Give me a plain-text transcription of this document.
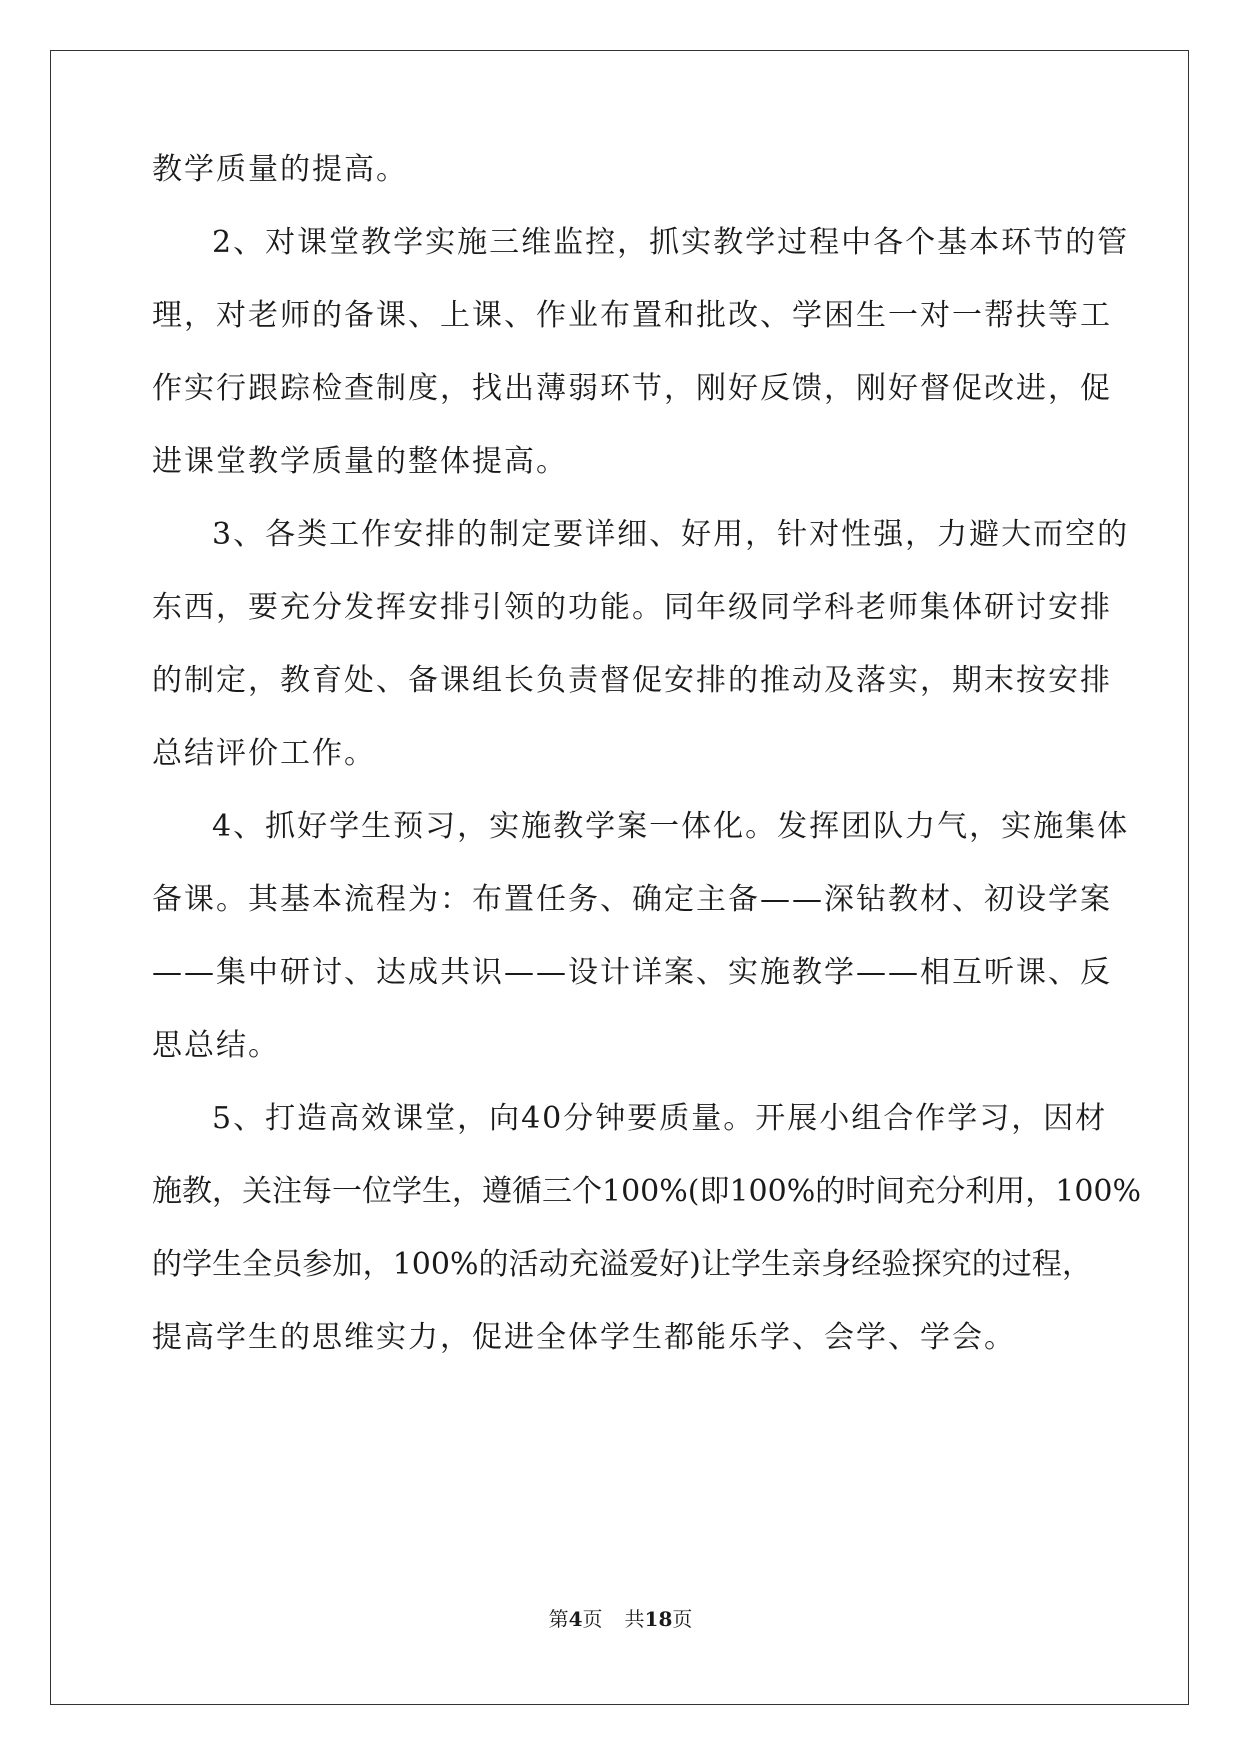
教学质量的提高。
2、对课堂教学实施三维监控，抓实教学过程中各个基本环节的管
理，对老师的备课、上课、作业布置和批改、学困生一对一帮扶等工
作实行跟踪检查制度，找出薄弱环节，刚好反馈，刚好督促改进，促
进课堂教学质量的整体提高。
3、各类工作安排的制定要详细、好用，针对性强，力避大而空的
东西，要充分发挥安排引领的功能。同年级同学科老师集体研讨安排
的制定，教育处、备课组长负责督促安排的推动及落实，期末按安排
总结评价工作。
4、抓好学生预习，实施教学案一体化。发挥团队力气，实施集体
备课。其基本流程为：布置任务、确定主备——深钻教材、初设学案
——集中研讨、达成共识——设计详案、实施教学——相互听课、反
思总结。
5、打造高效课堂，向40分钟要质量。开展小组合作学习，因材
施教，关注每一位学生，遵循三个100%(即100%的时间充分利用，100%
的学生全员参加，100%的活动充溢爱好)让学生亲身经验探究的过程，
提高学生的思维实力，促进全体学生都能乐学、会学、学会。
第4页 共18页
